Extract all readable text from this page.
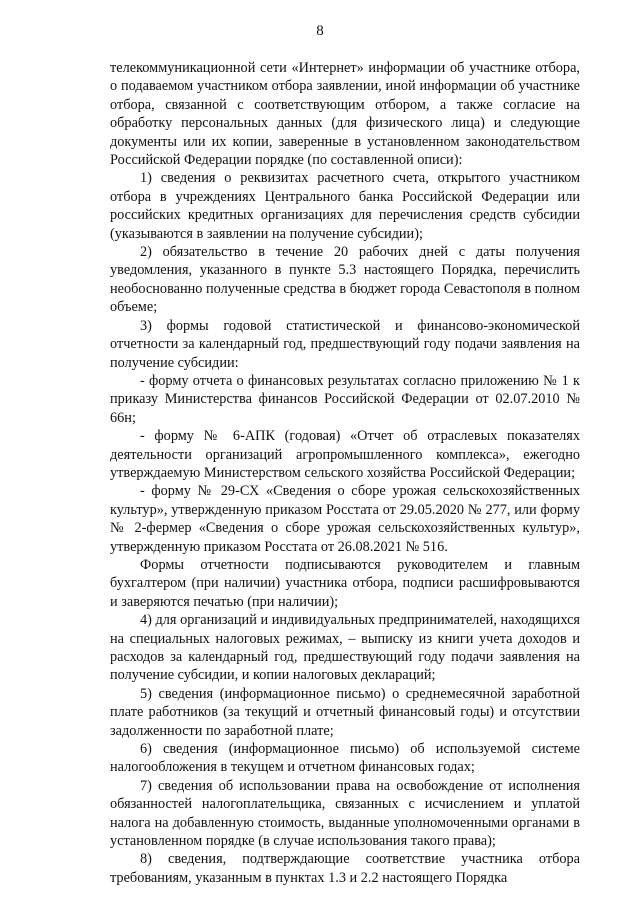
8

телекоммуникационной сети «Интернет» информации об участнике отбора, о подаваемом участником отбора заявлении, иной информации об участнике отбора, связанной с соответствующим отбором, а также согласие на обработку персональных данных (для физического лица) и следующие документы или их копии, заверенные в установленном законодательством Российской Федерации порядке (по составленной описи):

1) сведения о реквизитах расчетного счета, открытого участником отбора в учреждениях Центрального банка Российской Федерации или российских кредитных организациях для перечисления средств субсидии (указываются в заявлении на получение субсидии);

2) обязательство в течение 20 рабочих дней с даты получения уведомления, указанного в пункте 5.3 настоящего Порядка, перечислить необоснованно полученные средства в бюджет города Севастополя в полном объеме;

3) формы годовой статистической и финансово-экономической отчетности за календарный год, предшествующий году подачи заявления на получение субсидии:

- форму отчета о финансовых результатах согласно приложению № 1 к приказу Министерства финансов Российской Федерации от 02.07.2010 № 66н;

- форму № 6-АПК (годовая) «Отчет об отраслевых показателях деятельности организаций агропромышленного комплекса», ежегодно утверждаемую Министерством сельского хозяйства Российской Федерации;

- форму № 29-СХ «Сведения о сборе урожая сельскохозяйственных культур», утвержденную приказом Росстата от 29.05.2020 № 277, или форму № 2-фермер «Сведения о сборе урожая сельскохозяйственных культур», утвержденную приказом Росстата от 26.08.2021 № 516.

Формы отчетности подписываются руководителем и главным бухгалтером (при наличии) участника отбора, подписи расшифровываются и заверяются печатью (при наличии);

4) для организаций и индивидуальных предпринимателей, находящихся на специальных налоговых режимах, – выписку из книги учета доходов и расходов за календарный год, предшествующий году подачи заявления на получение субсидии, и копии налоговых деклараций;

5) сведения (информационное письмо) о среднемесячной заработной плате работников (за текущий и отчетный финансовый годы) и отсутствии задолженности по заработной плате;

6) сведения (информационное письмо) об используемой системе налогообложения в текущем и отчетном финансовых годах;

7) сведения об использовании права на освобождение от исполнения обязанностей налогоплательщика, связанных с исчислением и уплатой налога на добавленную стоимость, выданные уполномоченными органами в установленном порядке (в случае использования такого права);

8) сведения, подтверждающие соответствие участника отбора требованиям, указанным в пунктах 1.3 и 2.2 настоящего Порядка
